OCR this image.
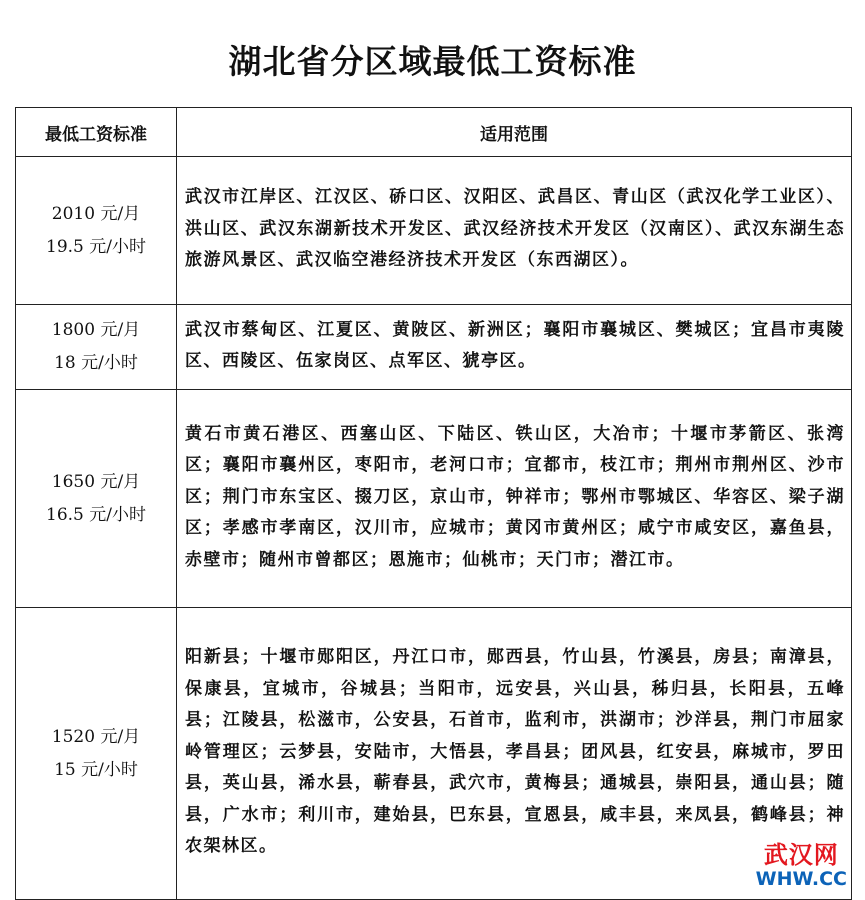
湖北省分区域最低工资标准
最低工资标准	适用范围

2010 元/月
19.5 元/小时	武汉市江岸区、江汉区、硚口区、汉阳区、武昌区、青山区（武汉化学工业区）、洪山区、武汉东湖新技术开发区、武汉经济技术开发区（汉南区）、武汉东湖生态旅游风景区、武汉临空港经济技术开发区（东西湖区）。

1800 元/月
18 元/小时	武汉市蔡甸区、江夏区、黄陂区、新洲区；襄阳市襄城区、樊城区；宜昌市夷陵区、西陵区、伍家岗区、点军区、猇亭区。

1650 元/月
16.5 元/小时	黄石市黄石港区、西塞山区、下陆区、铁山区，大冶市；十堰市茅箭区、张湾区；襄阳市襄州区，枣阳市，老河口市；宜都市，枝江市；荆州市荆州区、沙市区；荆门市东宝区、掇刀区，京山市，钟祥市；鄂州市鄂城区、华容区、梁子湖区；孝感市孝南区，汉川市，应城市；黄冈市黄州区；咸宁市咸安区，嘉鱼县，赤壁市；随州市曾都区；恩施市；仙桃市；天门市；潜江市。

1520 元/月
15 元/小时	阳新县；十堰市郧阳区，丹江口市，郧西县，竹山县，竹溪县，房县；南漳县，保康县，宜城市，谷城县；当阳市，远安县，兴山县，秭归县，长阳县，五峰县；江陵县，松滋市，公安县，石首市，监利市，洪湖市；沙洋县，荆门市屈家岭管理区；云梦县，安陆市，大悟县，孝昌县；团风县，红安县，麻城市，罗田县，英山县，浠水县，蕲春县，武穴市，黄梅县；通城县，崇阳县，通山县；随县，广水市；利川市，建始县，巴东县，宣恩县，咸丰县，来凤县，鹤峰县；神农架林区。	武汉网
WHW.CC
